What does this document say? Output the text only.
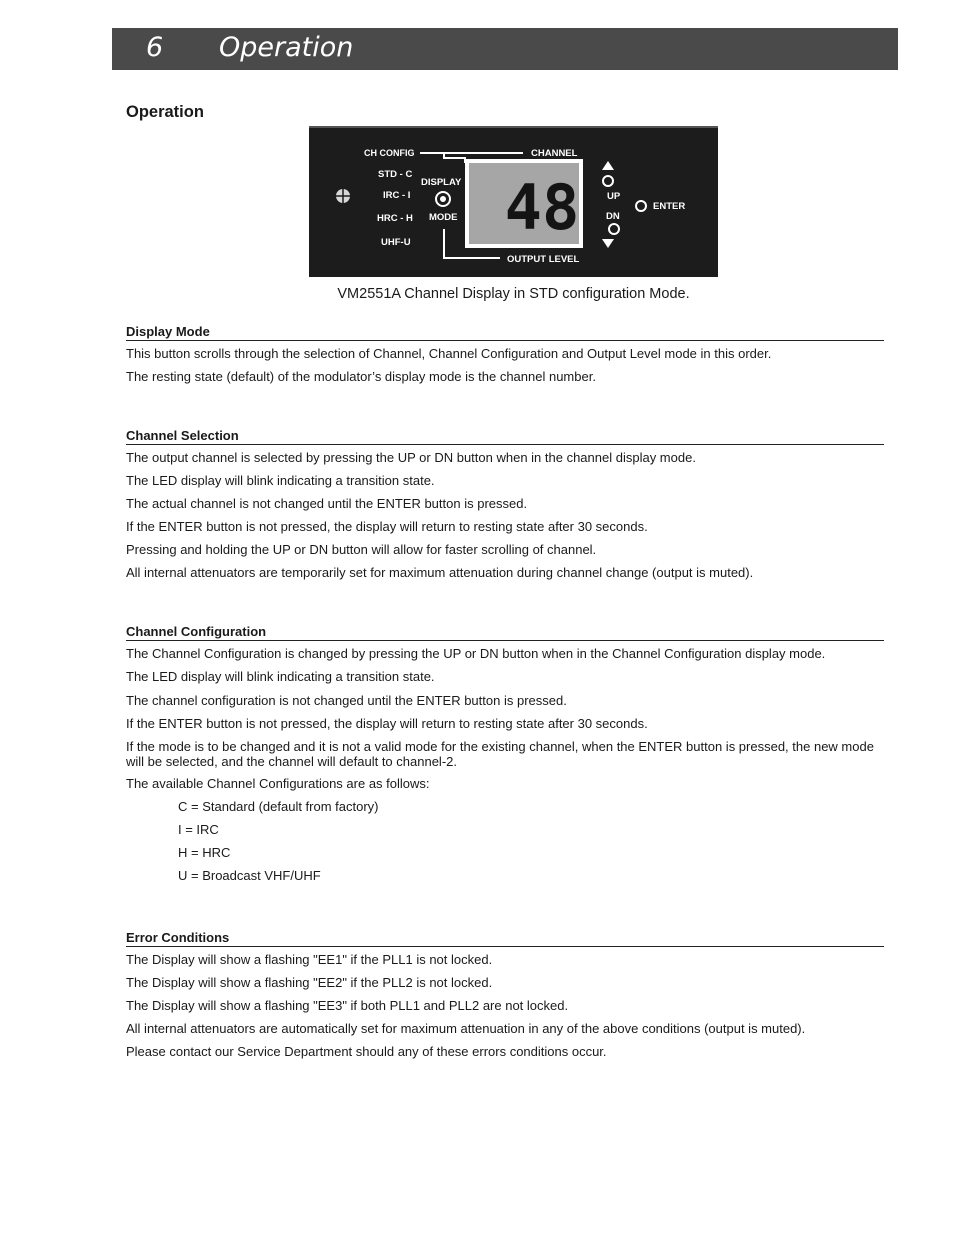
6 Operation
Operation
48
CH CONFIG	CHANNEL
STD - C
IRC - I
HRC - H
UHF-U
DISPLAY
MODE
UP
DN
ENTER
OUTPUT LEVEL
VM2551A Channel Display in STD configuration Mode.
Display Mode
This button scrolls through the selection of Channel, Channel Configuration and Output Level mode in this order.
The resting state (default) of the modulator’s display mode is the channel number.
Channel Selection
The output channel is selected by pressing the UP or DN button when in the channel display mode.
The LED display will blink indicating a transition state.
The actual channel is not changed until the ENTER button is pressed.
If the ENTER button is not pressed, the display will return to resting state after 30 seconds.
Pressing and holding the UP or DN button will allow for faster scrolling of channel.
All internal attenuators are temporarily set for maximum attenuation during channel change (output is muted).
Channel Configuration
The Channel Configuration is changed by pressing the UP or DN button when in the Channel Configuration display mode.
The LED display will blink indicating a transition state.
The channel configuration is not changed until the ENTER button is pressed.
If the ENTER button is not pressed, the display will return to resting state after 30 seconds.
If the mode is to be changed and it is not a valid mode for the existing channel, when the ENTER button is pressed, the new mode will be selected, and the channel will default to channel-2.
The available Channel Configurations are as follows:
C = Standard (default from factory)
I = IRC
H = HRC
U = Broadcast VHF/UHF
Error Conditions
The Display will show a flashing "EE1" if the PLL1 is not locked.
The Display will show a flashing "EE2" if the PLL2 is not locked.
The Display will show a flashing "EE3" if both PLL1 and PLL2 are not locked.
All internal attenuators are automatically set for maximum attenuation in any of the above conditions (output is muted).
Please contact our Service Department should any of these errors conditions occur.
